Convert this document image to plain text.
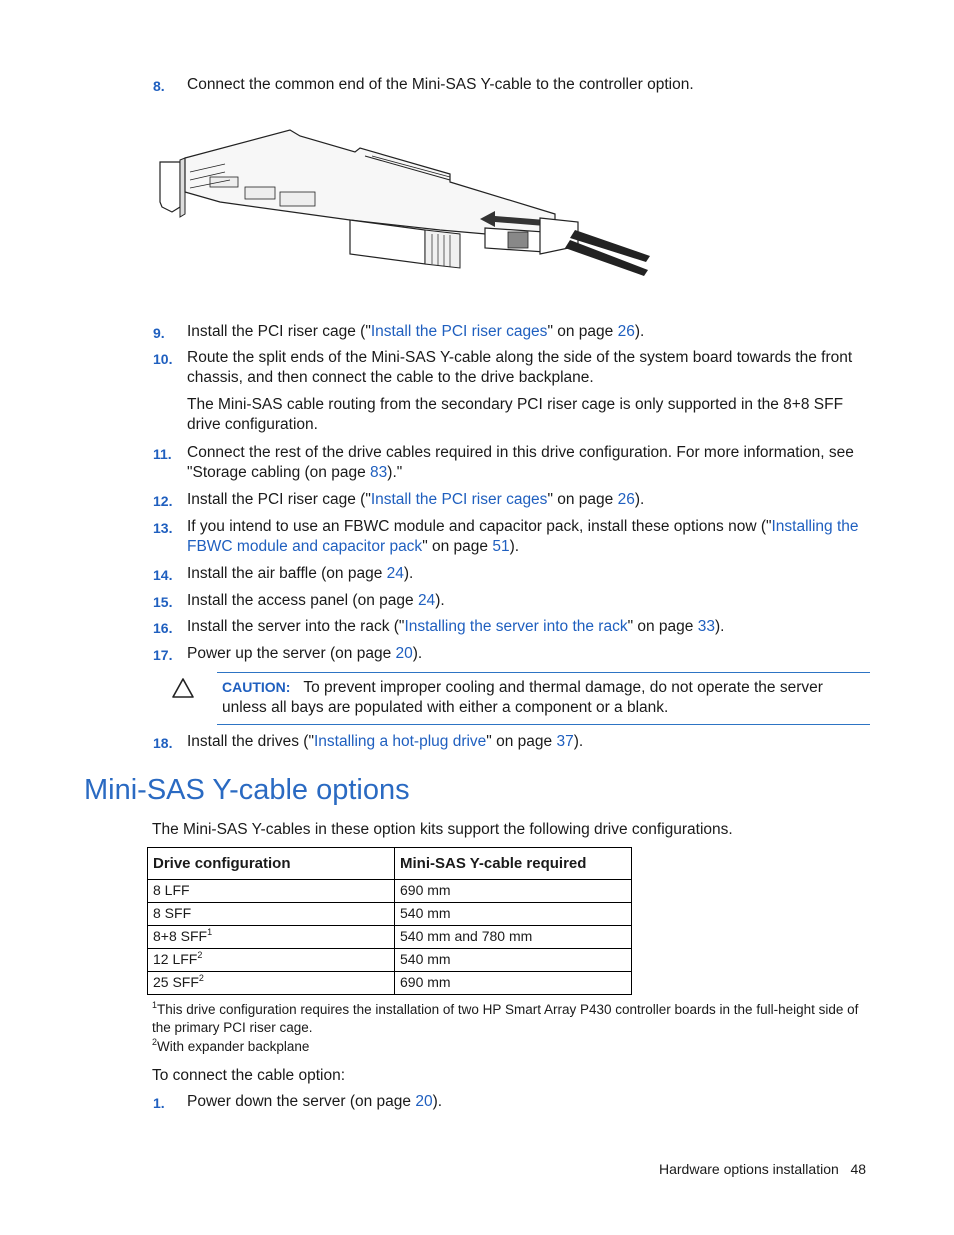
8. Connect the common end of the Mini-SAS Y-cable to the controller option.
9. Install the PCI riser cage ("Install the PCI riser cages" on page 26).
10. Route the split ends of the Mini-SAS Y-cable along the side of the system board towards the front chassis, and then connect the cable to the drive backplane.
The Mini-SAS cable routing from the secondary PCI riser cage is only supported in the 8+8 SFF drive configuration.
11. Connect the rest of the drive cables required in this drive configuration. For more information, see "Storage cabling (on page 83)."
12. Install the PCI riser cage ("Install the PCI riser cages" on page 26).
13. If you intend to use an FBWC module and capacitor pack, install these options now ("Installing the FBWC module and capacitor pack" on page 51).
14. Install the air baffle (on page 24).
15. Install the access panel (on page 24).
16. Install the server into the rack ("Installing the server into the rack" on page 33).
17. Power up the server (on page 20).
CAUTION: To prevent improper cooling and thermal damage, do not operate the server unless all bays are populated with either a component or a blank.
18. Install the drives ("Installing a hot-plug drive" on page 37).
Mini-SAS Y-cable options
The Mini-SAS Y-cables in these option kits support the following drive configurations.
Drive configuration	Mini-SAS Y-cable required
8 LFF	690 mm
8 SFF	540 mm
8+8 SFF$^1$	540 mm and 780 mm
12 LFF$^2$	540 mm
25 SFF$^2$	690 mm
$^1$This drive configuration requires the installation of two HP Smart Array P430 controller boards in the full-height side of the primary PCI riser cage.
$^2$With expander backplane
To connect the cable option:
1. Power down the server (on page 20).
Hardware options installation 48
